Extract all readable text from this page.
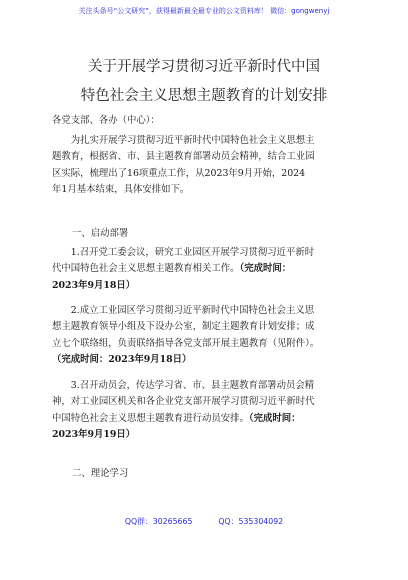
关注头条号“公文研究”，获得最新最全最专业的公文资料库！ 微信：gongwenyj
关于开展学习贯彻习近平新时代中国
特色社会主义思想主题教育的计划安排
各党支部、各办（中心）：
为扎实开展学习贯彻习近平新时代中国特色社会主义思想主
题教育，根据省、市、县主题教育部署动员会精神，结合工业园
区实际，梳理出了16项重点工作，从2023年9月开始，2024
年1月基本结束，具体安排如下。
一、启动部署
1.召开党工委会议，研究工业园区开展学习贯彻习近平新时
代中国特色社会主义思想主题教育相关工作。（完成时间：
2023年9月18日）
2.成立工业园区学习贯彻习近平新时代中国特色社会主义思
想主题教育领导小组及下设办公室，制定主题教育计划安排；成
立七个联络组，负责联络指导各党支部开展主题教育（见附件）。
（完成时间：2023年9月18日）
3.召开动员会，传达学习省、市、县主题教育部署动员会精
神，对工业园区机关和各企业党支部开展学习贯彻习近平新时代
中国特色社会主义思想主题教育进行动员安排。（完成时间：
2023年9月19日）
二、理论学习
QQ群：30265665	QQ：535304092
